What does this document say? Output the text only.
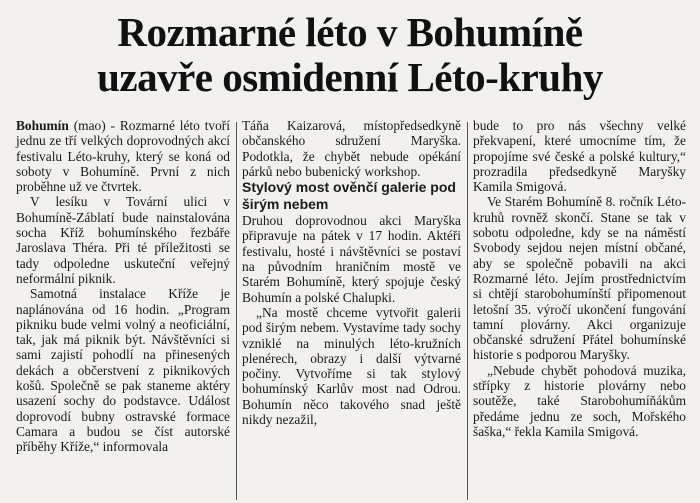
Rozmarné léto v Bohumíně
uzavře osmidenní Léto-kruhy

Bohumín (mao) - Rozmarné léto tvoří jednu ze tří velkých doprovodných akcí festivalu Léto-kruhy, který se koná od soboty v Bohumíně. První z nich proběhne už ve čtvrtek.

V lesíku v Tovární ulici v Bohumíně-Záblatí bude nainstalována socha Kříž bohumínského řezbáře Jaroslava Théra. Při té příležitosti se tady odpoledne uskuteční veřejný neformální piknik.

Samotná instalace Kříže je naplánována od 16 hodin. „Program pikniku bude velmi volný a neoficiální, tak, jak má piknik být. Návštěvníci si sami zajistí pohodlí na přinesených dekách a občerstvení z piknikových košů. Společně se pak staneme aktéry usazení sochy do podstavce. Událost doprovodí bubny ostravské formace Camara a budou se číst autorské příběhy Kříže,“ informovala

Táňa Kaizarová, místopředsedkyně občanského sdružení Maryška. Podotkla, že chybět nebude opékání párků nebo bubenický workshop.

Stylový most ověnčí galerie pod širým nebem

Druhou doprovodnou akci Maryška připravuje na pátek v 17 hodin. Aktéři festivalu, hosté i návštěvníci se postaví na původním hraničním mostě ve Starém Bohumíně, který spojuje český Bohumín a polské Chalupki.

„Na mostě chceme vytvořit galerii pod širým nebem. Vystavíme tady sochy vzniklé na minulých léto-kružních plenérech, obrazy i další výtvarné počiny. Vytvoříme si tak stylový bohumínský Karlův most nad Odrou. Bohumín něco takového snad ještě nikdy nezažil,

bude to pro nás všechny velké překvapení, které umocníme tím, že propojíme své české a polské kultury,“ prozradila předsedkyně Maryšky Kamila Smigová.

Ve Starém Bohumíně 8. ročník Léto-kruhů rovněž skončí. Stane se tak v sobotu odpoledne, kdy se na náměstí Svobody sejdou nejen místní občané, aby se společně pobavili na akci Rozmarné léto. Jejím prostřednictvím si chtějí starobohumínští připomenout letošní 35. výročí ukončení fungování tamní plovárny. Akci organizuje občanské sdružení Přátel bohumínské historie s podporou Maryšky.

„Nebude chybět pohodová muzika, střípky z historie plovárny nebo soutěže, také Starobohumíňákům předáme jednu ze soch, Mořského šaška,“ řekla Kamila Smigová.
